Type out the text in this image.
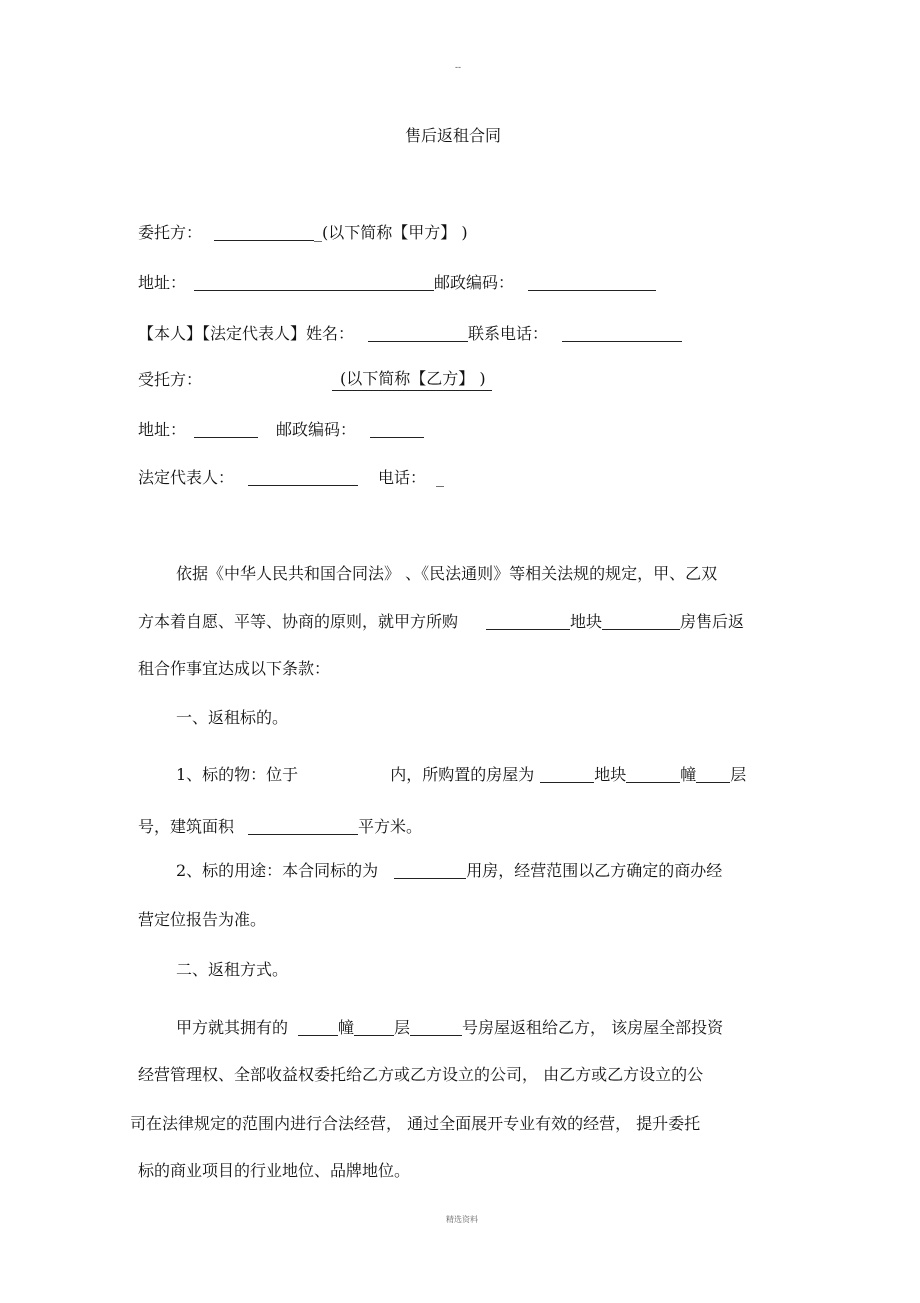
--
售后返租合同
委托方：	_(以下简称【甲方】 )
地址：	邮政编码：
【本人】【法定代表人】姓名：	联系电话：
受托方：	(以下简称【乙方】 )
地址：	邮政编码：
法定代表人：	电话： _
依据《中华人民共和国合同法》 、《民法通则》等相关法规的规定，甲、乙双
方本着自愿、平等、协商的原则，就甲方所购	地块	房售后返
租合作事宜达成以下条款：
一、返租标的。
1、标的物：位于	内，所购置的房屋为	地块	幢 层
号，建筑面积	平方米。
2、标的用途：本合同标的为	用房，经营范围以乙方确定的商办经
营定位报告为准。
二、返租方式。
甲方就其拥有的	幢	层	号房屋返租给乙方， 该房屋全部投资
经营管理权、全部收益权委托给乙方或乙方设立的公司， 由乙方或乙方设立的公
司在法律规定的范围内进行合法经营， 通过全面展开专业有效的经营， 提升委托
标的商业项目的行业地位、品牌地位。
精选资料
